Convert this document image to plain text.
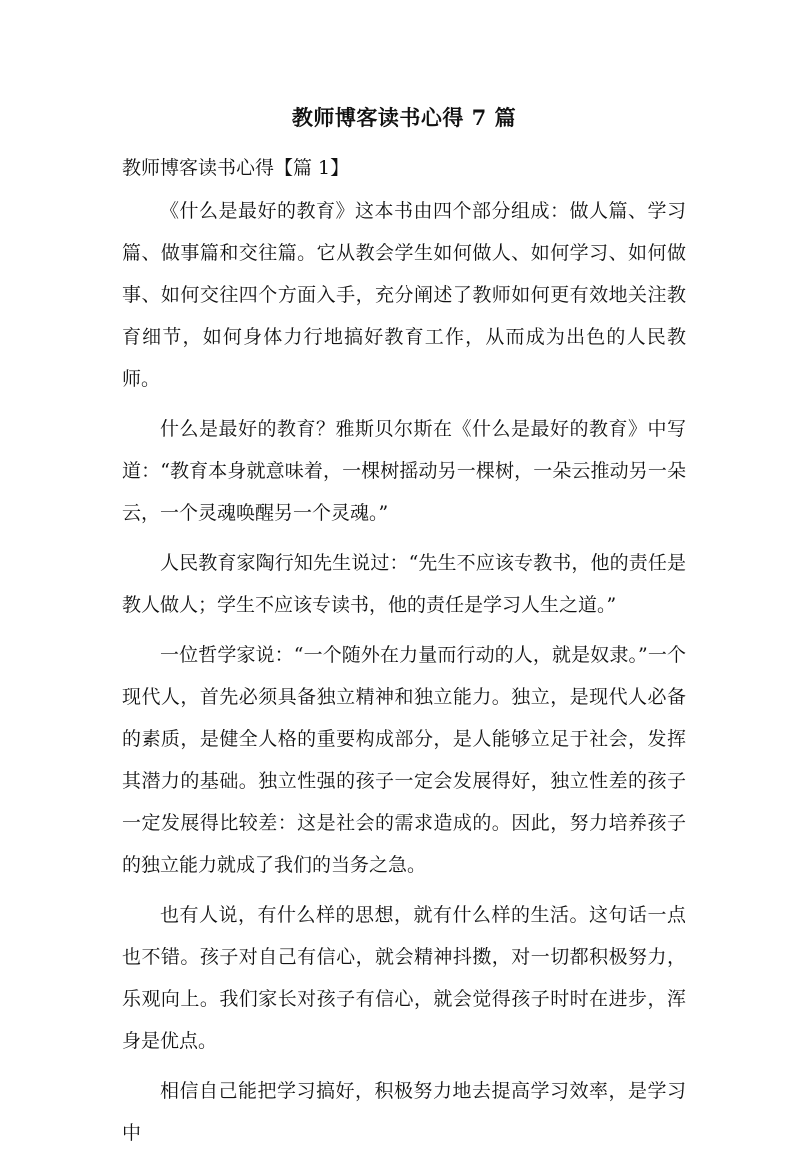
教师博客读书心得 7 篇

教师博客读书心得【篇 1】

《什么是最好的教育》这本书由四个部分组成：做人篇、学习篇、做事篇和交往篇。它从教会学生如何做人、如何学习、如何做事、如何交往四个方面入手，充分阐述了教师如何更有效地关注教育细节，如何身体力行地搞好教育工作，从而成为出色的人民教师。

什么是最好的教育？雅斯贝尔斯在《什么是最好的教育》中写道：“教育本身就意味着，一棵树摇动另一棵树，一朵云推动另一朵云，一个灵魂唤醒另一个灵魂。”

人民教育家陶行知先生说过：“先生不应该专教书，他的责任是教人做人；学生不应该专读书，他的责任是学习人生之道。”

一位哲学家说：“一个随外在力量而行动的人，就是奴隶。”一个现代人，首先必须具备独立精神和独立能力。独立，是现代人必备的素质，是健全人格的重要构成部分，是人能够立足于社会，发挥其潜力的基础。独立性强的孩子一定会发展得好，独立性差的孩子一定发展得比较差：这是社会的需求造成的。因此，努力培养孩子的独立能力就成了我们的当务之急。

也有人说，有什么样的思想，就有什么样的生活。这句话一点也不错。孩子对自己有信心，就会精神抖擞，对一切都积极努力，乐观向上。我们家长对孩子有信心，就会觉得孩子时时在进步，浑身是优点。

相信自己能把学习搞好，积极努力地去提高学习效率，是学习中
